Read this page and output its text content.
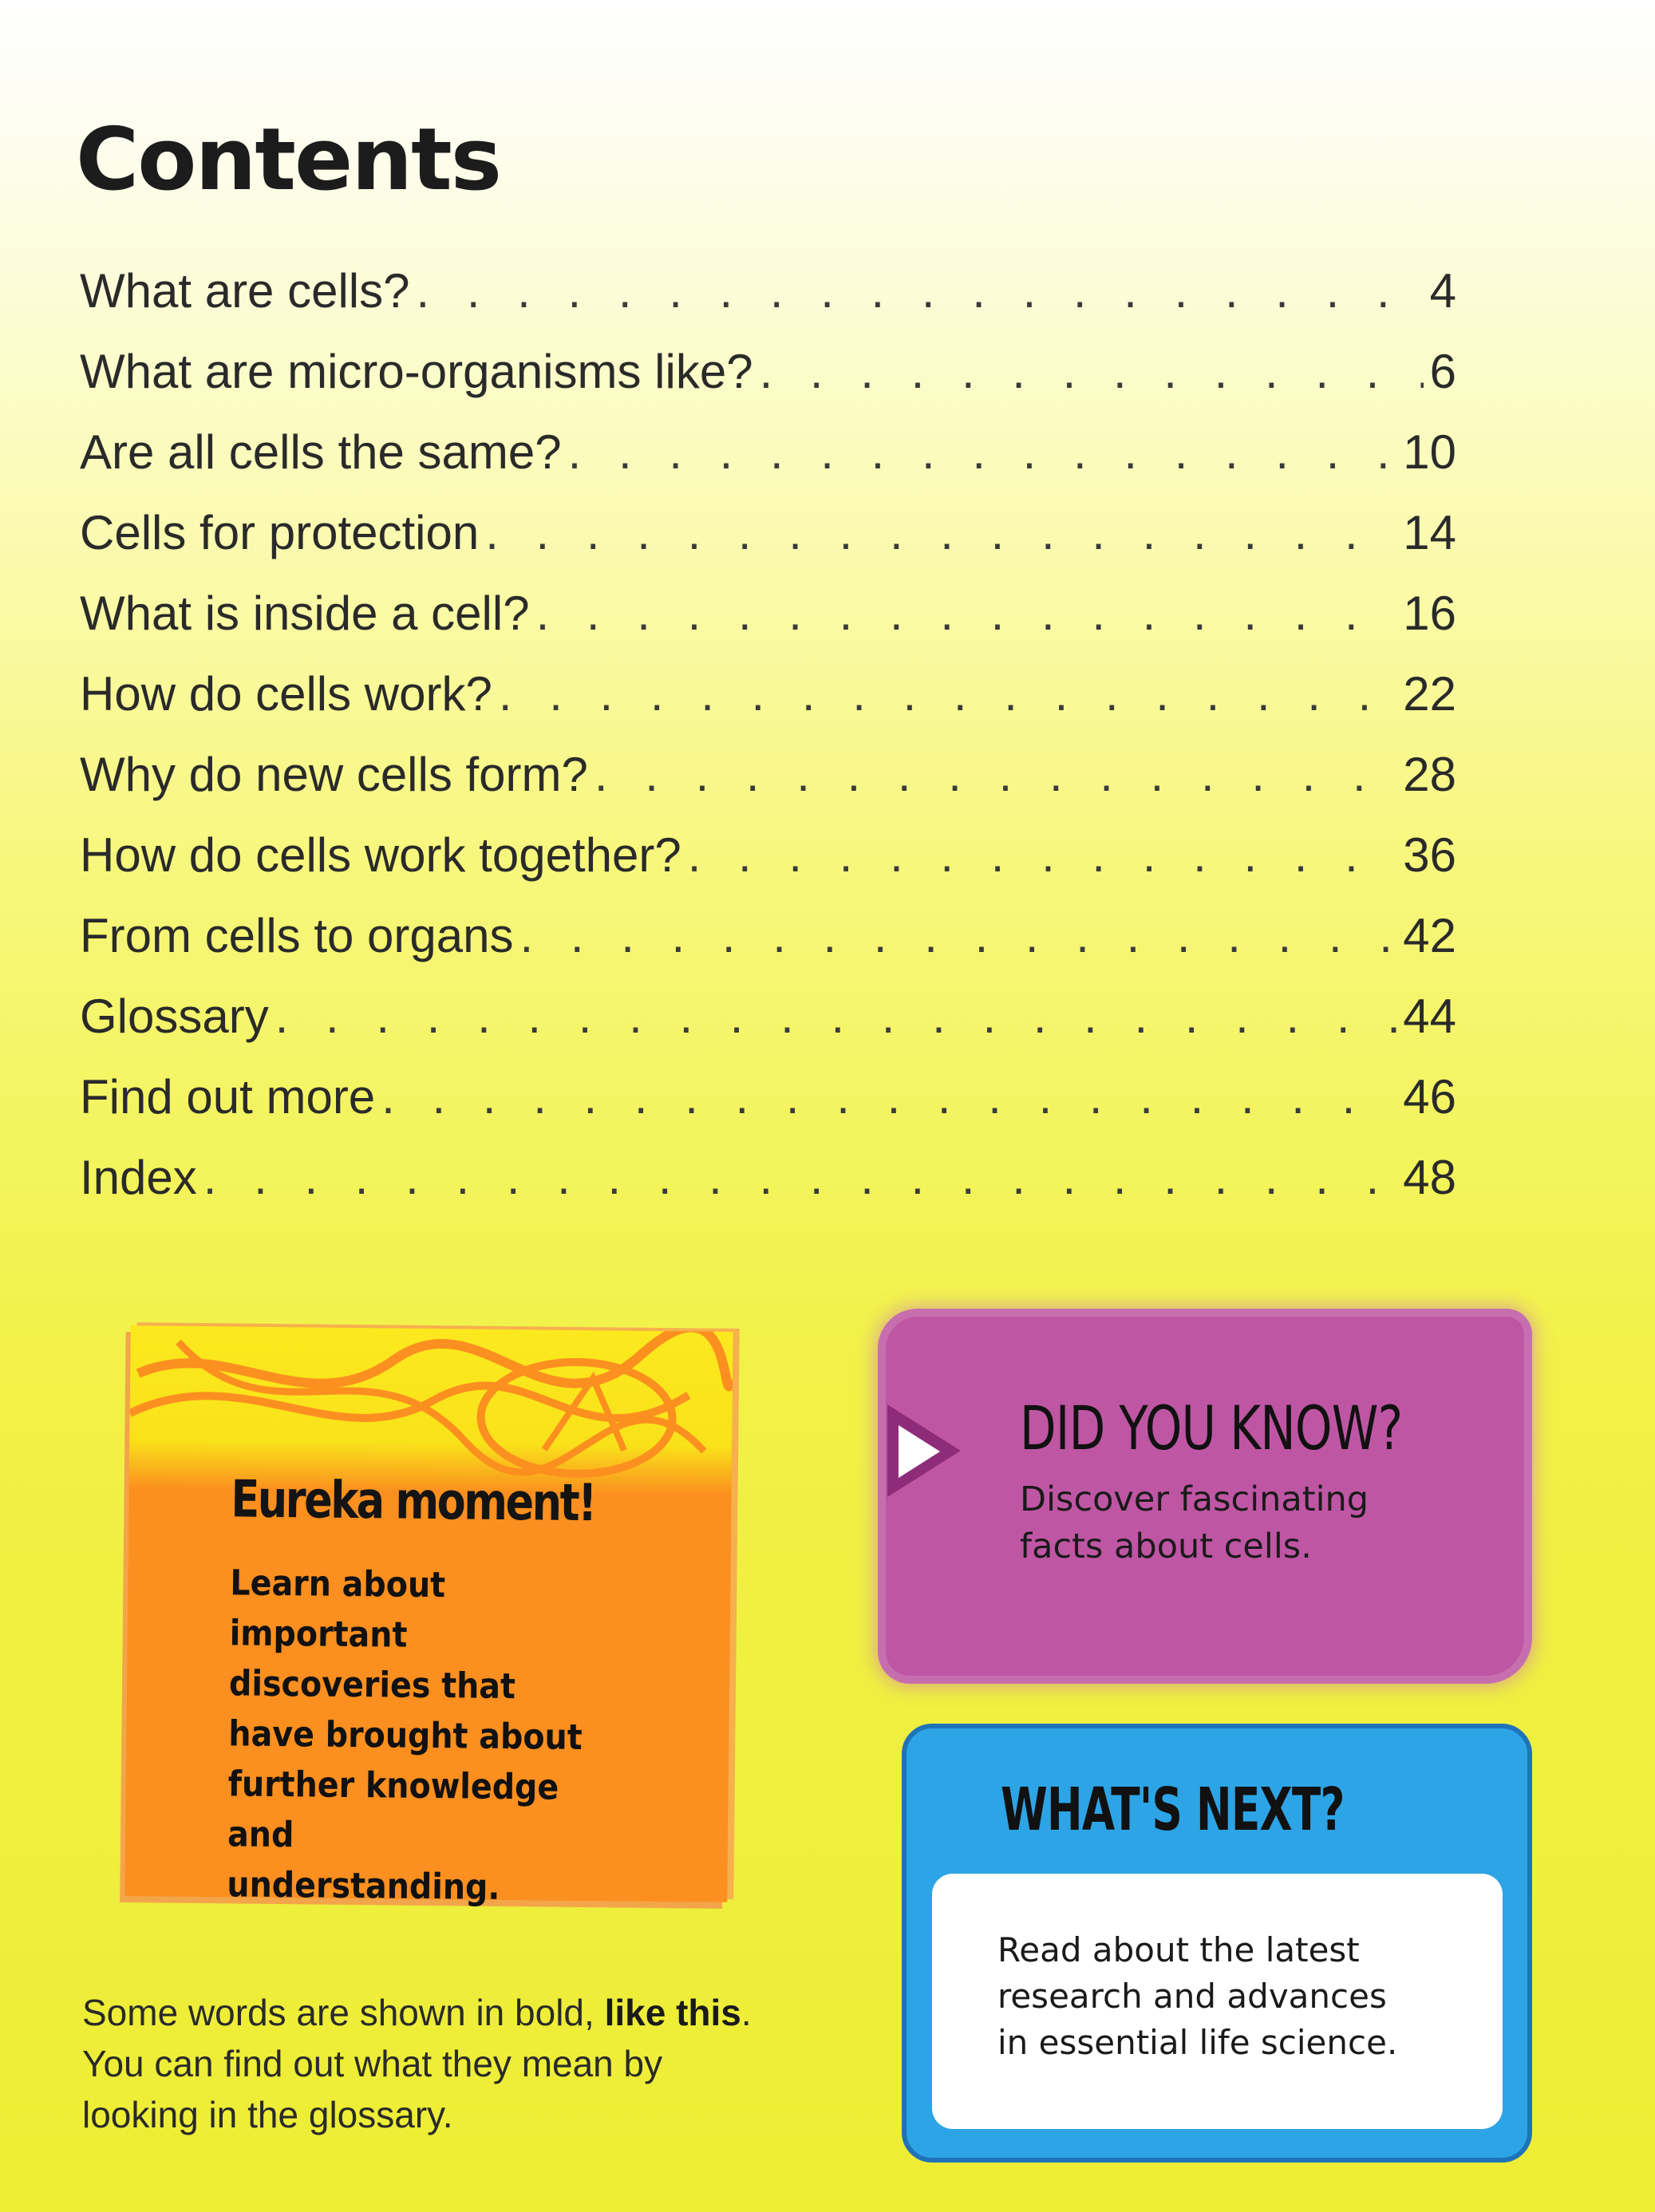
Contents
What are cells? . . .	4
What are micro-organisms like? . . .	6
Are all cells the same? . . .	10
Cells for protection . . .	14
What is inside a cell? . . .	16
How do cells work? . . .	22
Why do new cells form? . . .	28
How do cells work together? . . .	36
From cells to organs . . .	42
Glossary . . .	44
Find out more . . .	46
Index . . .	48
Eureka moment!
Learn about important
discoveries that
have brought about
further knowledge and
understanding.
DID YOU KNOW?
Discover fascinating
facts about cells.
WHAT'S NEXT?
Read about the latest
research and advances
in essential life science.
Some words are shown in bold, like this.
You can find out what they mean by
looking in the glossary.
